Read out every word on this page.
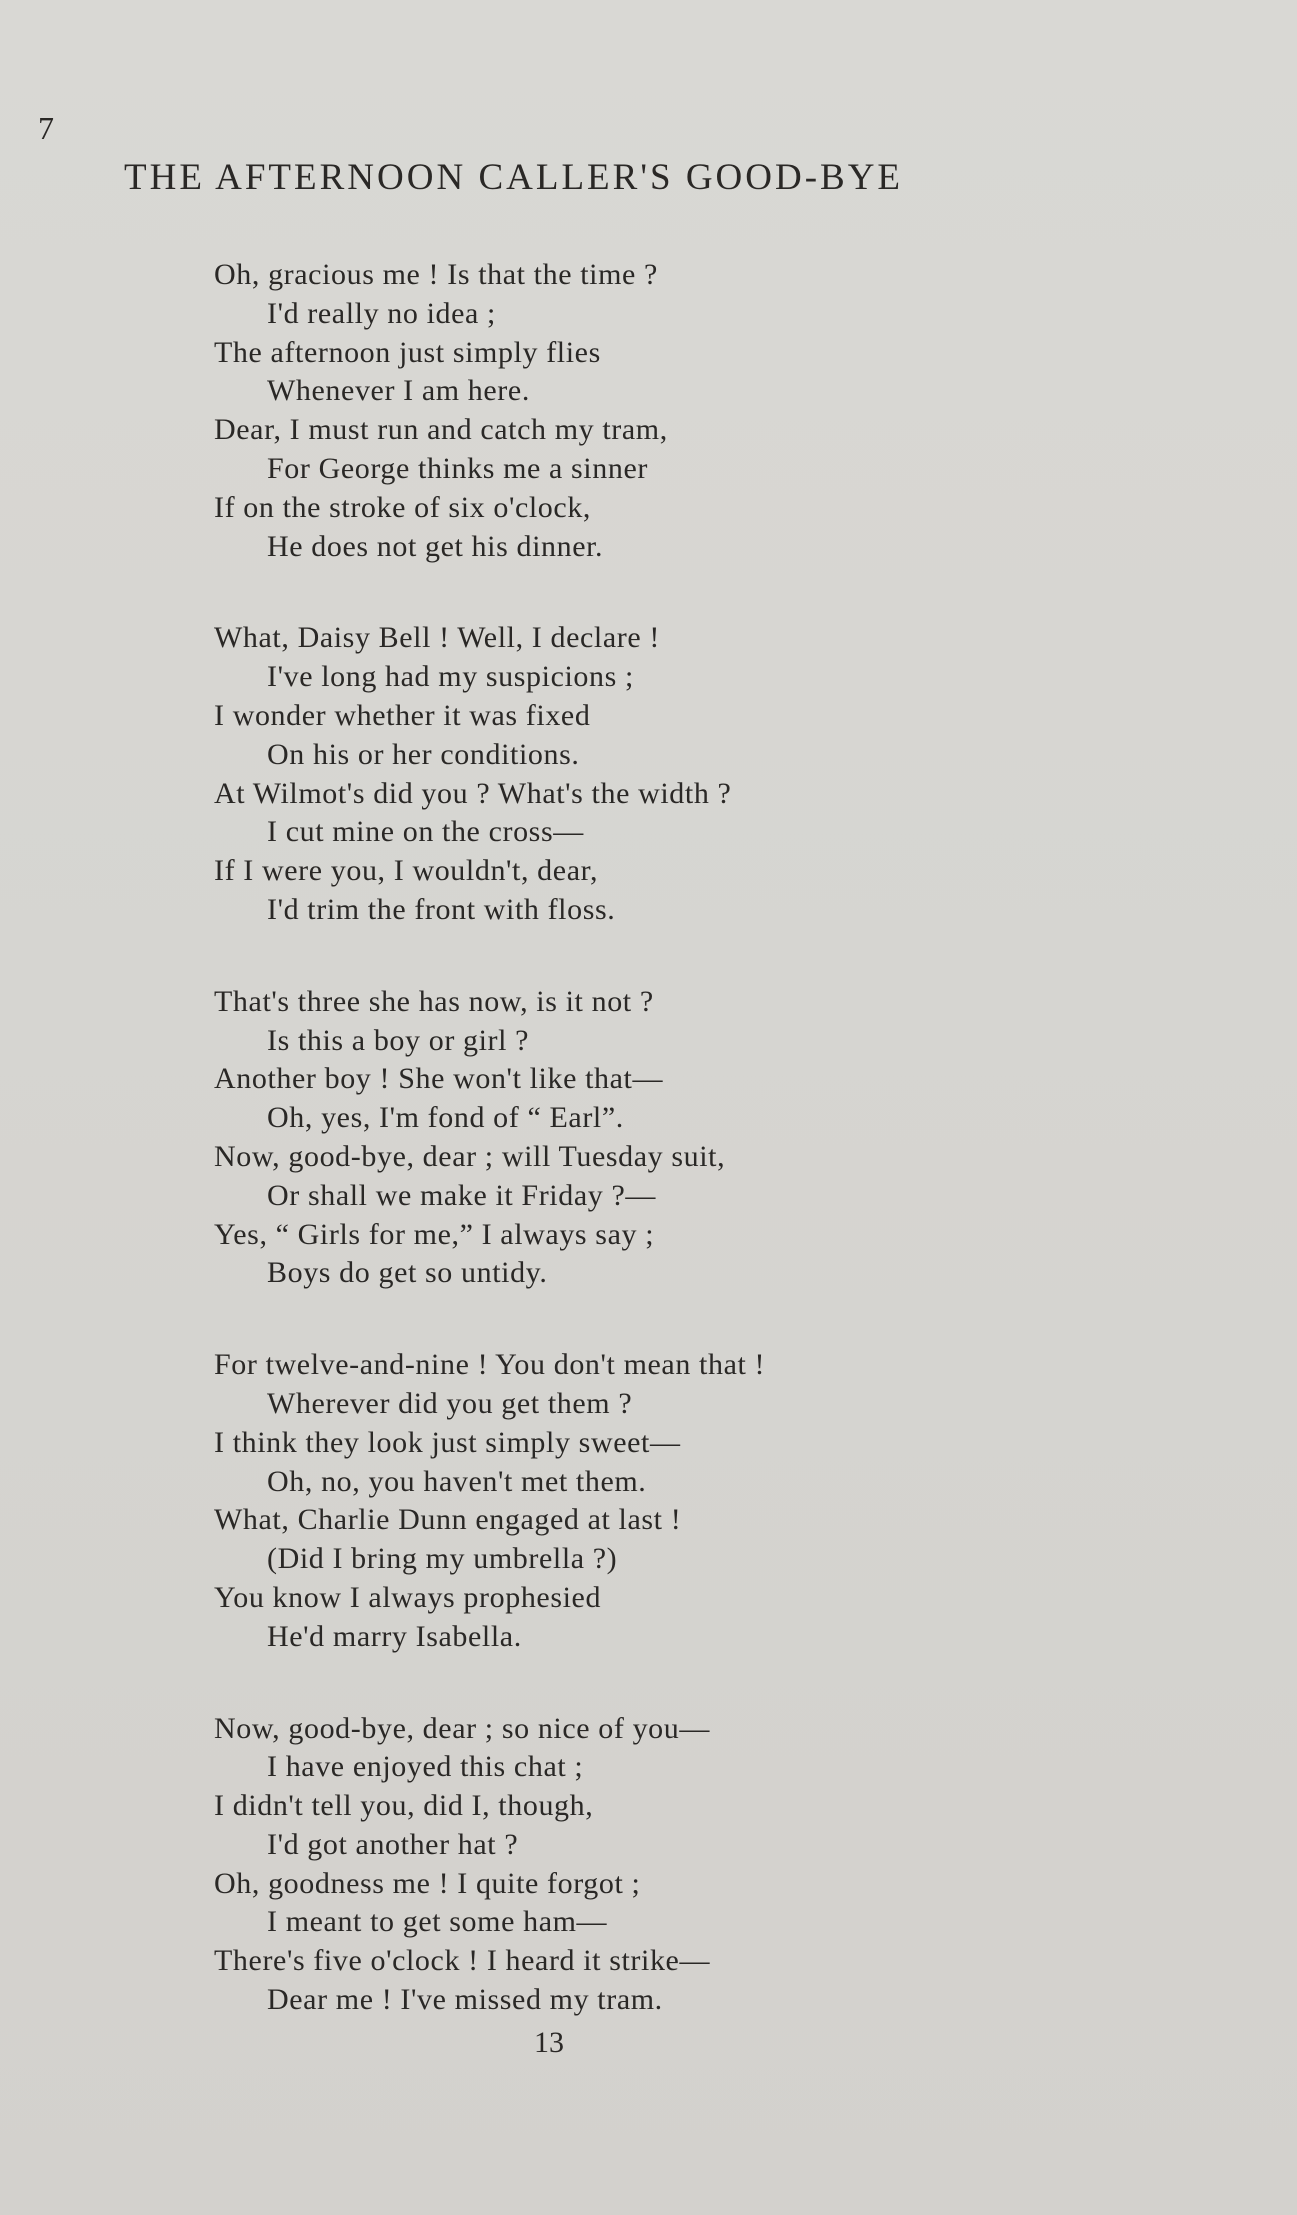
7
THE AFTERNOON CALLER'S GOOD-BYE
Oh, gracious me ! Is that the time ?
I'd really no idea ;
The afternoon just simply flies
Whenever I am here.
Dear, I must run and catch my tram,
For George thinks me a sinner
If on the stroke of six o'clock,
He does not get his dinner.
What, Daisy Bell ! Well, I declare !
I've long had my suspicions ;
I wonder whether it was fixed
On his or her conditions.
At Wilmot's did you ? What's the width ?
I cut mine on the cross—
If I were you, I wouldn't, dear,
I'd trim the front with floss.
That's three she has now, is it not ?
Is this a boy or girl ?
Another boy ! She won't like that—
Oh, yes, I'm fond of “ Earl”.
Now, good-bye, dear ; will Tuesday suit,
Or shall we make it Friday ?—
Yes, “ Girls for me,” I always say ;
Boys do get so untidy.
For twelve-and-nine ! You don't mean that !
Wherever did you get them ?
I think they look just simply sweet—
Oh, no, you haven't met them.
What, Charlie Dunn engaged at last !
(Did I bring my umbrella ?)
You know I always prophesied
He'd marry Isabella.
Now, good-bye, dear ; so nice of you—
I have enjoyed this chat ;
I didn't tell you, did I, though,
I'd got another hat ?
Oh, goodness me ! I quite forgot ;
I meant to get some ham—
There's five o'clock ! I heard it strike—
Dear me ! I've missed my tram.
13
